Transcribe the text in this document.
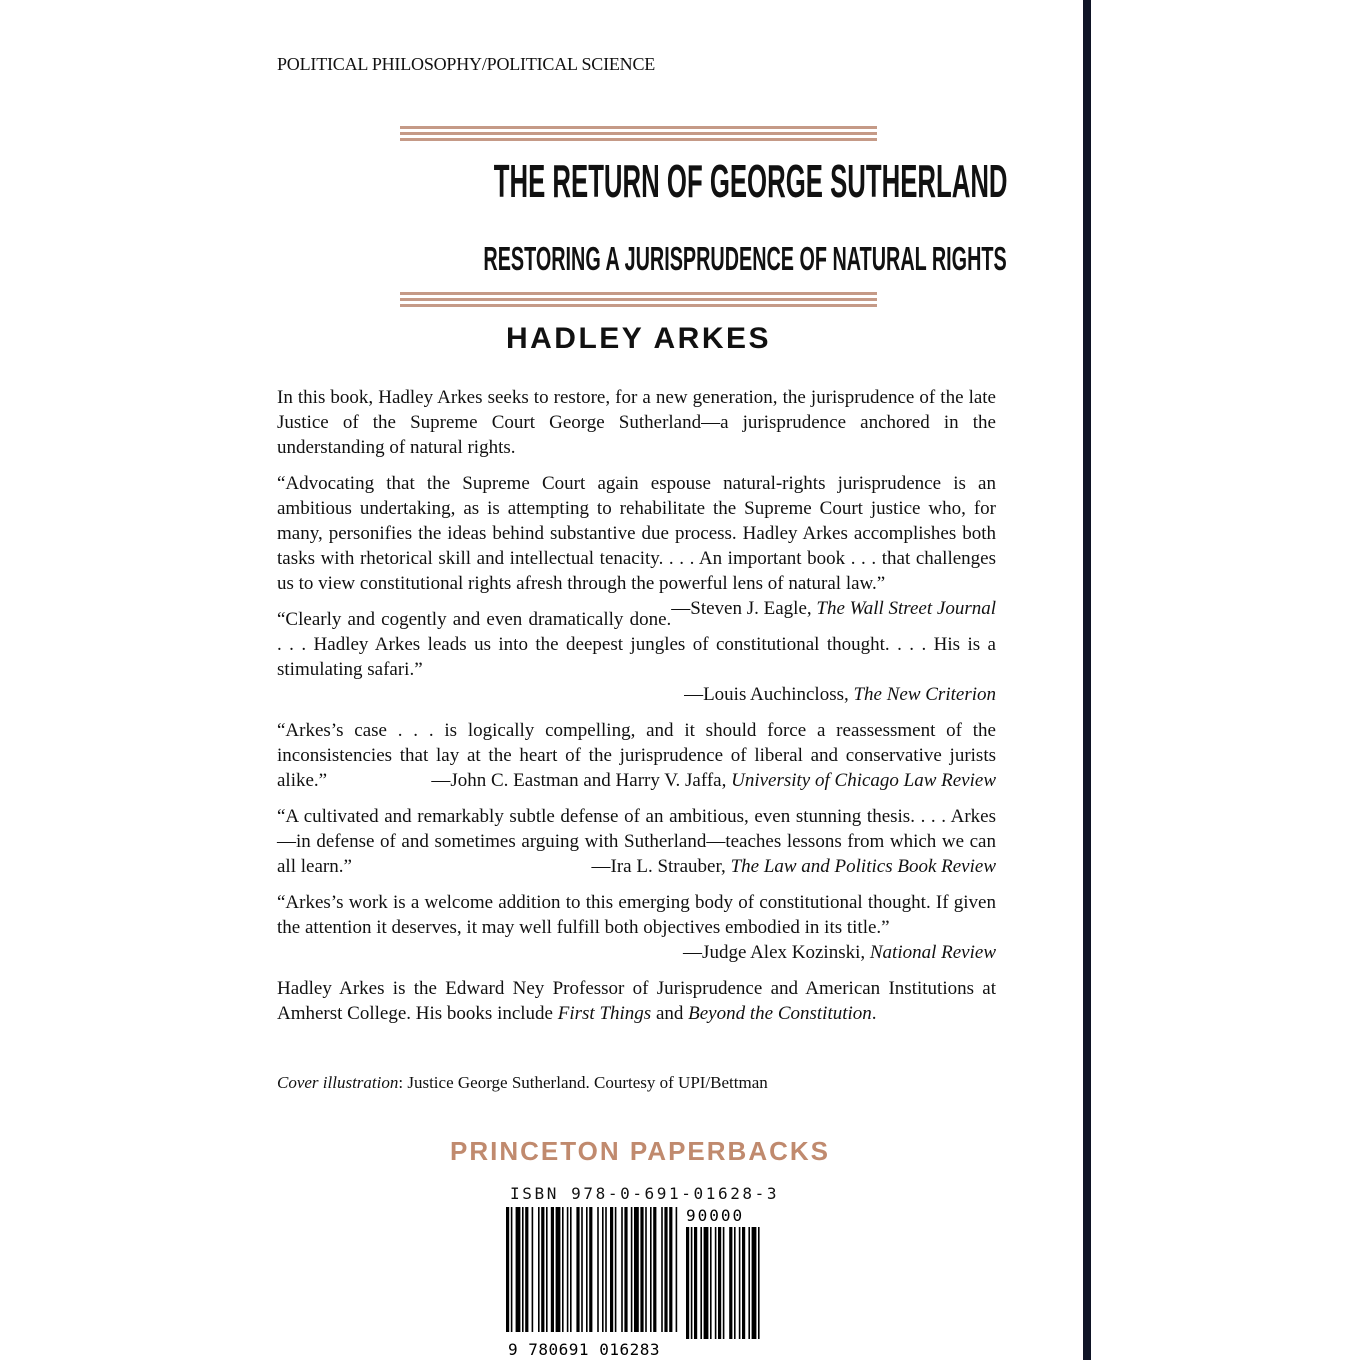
POLITICAL PHILOSOPHY/POLITICAL SCIENCE
THE RETURN OF GEORGE SUTHERLAND
RESTORING A JURISPRUDENCE OF NATURAL RIGHTS
HADLEY ARKES

In this book, Hadley Arkes seeks to restore, for a new generation, the jurisprudence of the late Justice of the Supreme Court George Sutherland—a jurisprudence anchored in the understanding of natural rights.

“Advocating that the Supreme Court again espouse natural-rights jurisprudence is an ambitious undertaking, as is attempting to rehabilitate the Supreme Court justice who, for many, personifies the ideas behind substantive due process. Hadley Arkes accomplishes both tasks with rhetorical skill and intellectual tenacity. . . . An important book . . . that challenges us to view constitutional rights afresh through the powerful lens of natural law.”
—Steven J. Eagle, The Wall Street Journal

“Clearly and cogently and even dramatically done. . . . Hadley Arkes leads us into the deepest jungles of constitutional thought. . . . His is a stimulating safari.”
—Louis Auchincloss, The New Criterion

“Arkes’s case . . . is logically compelling, and it should force a reassessment of the inconsistencies that lay at the heart of the jurisprudence of liberal and conservative jurists alike.”	—John C. Eastman and Harry V. Jaffa, University of Chicago Law Review

“A cultivated and remarkably subtle defense of an ambitious, even stunning thesis. . . . Arkes—in defense of and sometimes arguing with Sutherland—teaches lessons from which we can all learn.”	—Ira L. Strauber, The Law and Politics Book Review

“Arkes’s work is a welcome addition to this emerging body of constitutional thought. If given the attention it deserves, it may well fulfill both objectives embodied in its title.”
—Judge Alex Kozinski, National Review

Hadley Arkes is the Edward Ney Professor of Jurisprudence and American Institutions at Amherst College. His books include First Things and Beyond the Constitution.

Cover illustration: Justice George Sutherland. Courtesy of UPI/Bettman
PRINCETON PAPERBACKS
ISBN 978-0-691-01628-3
90000
9 780691 016283
